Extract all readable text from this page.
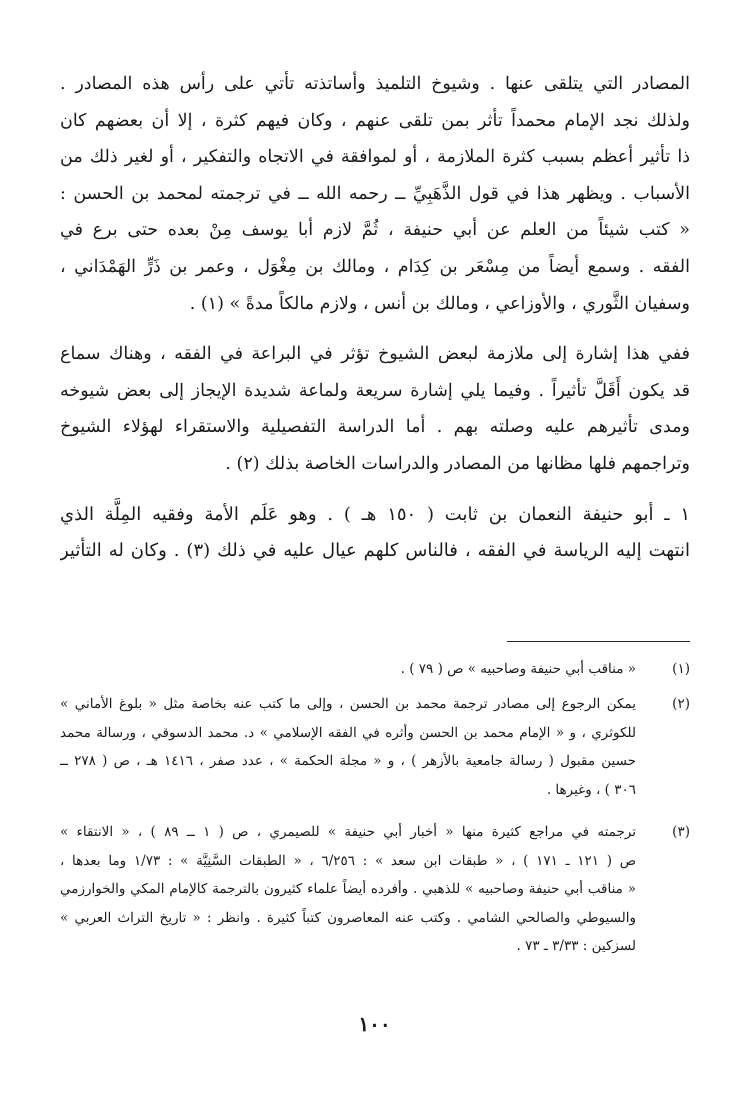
المصادر التي يتلقى عنها . وشيوخ التلميذ وأساتذته تأتي على رأس هذه المصادر .

ولذلك نجد الإمام محمداً تأثر بمن تلقى عنهم ، وكان فيهم كثرة ، إلا أن بعضهم كان

ذا تأثير أعظم بسبب كثرة الملازمة ، أو لموافقة في الاتجاه والتفكير ، أو لغير ذلك من

الأسباب . ويظهر هذا في قول الذَّهَبِيِّ ــ رحمه الله ــ في ترجمته لمحمد بن الحسن :

« كتب شيئاً من العلم عن أبي حنيفة ، ثُمَّ لازم أبا يوسف مِنْ بعده حتى برع في

الفقه . وسمع أيضاً من مِسْعَر بن كِدَام ، ومالك بن مِغْوَل ، وعمر بن ذَرٍّ الهَمْدَاني ،

وسفيان الثَّوري ، والأوزاعي ، ومالك بن أنس ، ولازم مالكاً مدةً » (١) .

ففي هذا إشارة إلى ملازمة لبعض الشيوخ تؤثر في البراعة في الفقه ، وهناك سماع

قد يكون أَقَلَّ تأثيراً . وفيما يلي إشارة سريعة ولماعة شديدة الإيجاز إلى بعض شيوخه

ومدى تأثيرهم عليه وصلته بهم . أما الدراسة التفصيلية والاستقراء لهؤلاء الشيوخ

وتراجمهم فلها مظانها من المصادر والدراسات الخاصة بذلك (٢) .

١ ـ أبو حنيفة النعمان بن ثابت ( ١٥٠ هـ ) . وهو عَلَم الأمة وفقيه المِلَّة الذي

انتهت إليه الرياسة في الفقه ، فالناس كلهم عيال عليه في ذلك (٣) . وكان له التأثير

(١)

« مناقب أبي حنيفة وصاحبيه » ص ( ٧٩ ) .

(٢)

يمكن الرجوع إلى مصادر ترجمة محمد بن الحسن ، وإلى ما كتب عنه بخاصة مثل « بلوغ الأماني »

للكوثري ، و « الإمام محمد بن الحسن وأثره في الفقه الإسلامي » د. محمد الدسوقي ، ورسالة محمد

حسين مقبول ( رسالة جامعية بالأزهر ) ، و « مجلة الحكمة » ، عدد صفر ، ١٤١٦ هـ ، ص ( ٢٧٨ ــ

٣٠٦ ) ، وغيرها .

(٣)

ترجمته في مراجع كثيرة منها « أخبار أبي حنيفة » للصيمري ، ص ( ١ ــ ٨٩ ) ، « الانتقاء »

ص ( ١٢١ ـ ١٧١ ) ، « طبقات ابن سعد » : ٦/٢٥٦ ، « الطبقات السَّنِيَّة » : ١/٧٣ وما بعدها ،

« مناقب أبي حنيفة وصاحبيه » للذهبي . وأفرده أيضاً علماء كثيرون بالترجمة كالإمام المكي والخوارزمي

والسيوطي والصالحي الشامي . وكتب عنه المعاصرون كتباً كثيرة . وانظر : « تاريخ التراث العربي »

لسزكين : ٣/٣٣ ـ ٧٣ .

١٠٠
